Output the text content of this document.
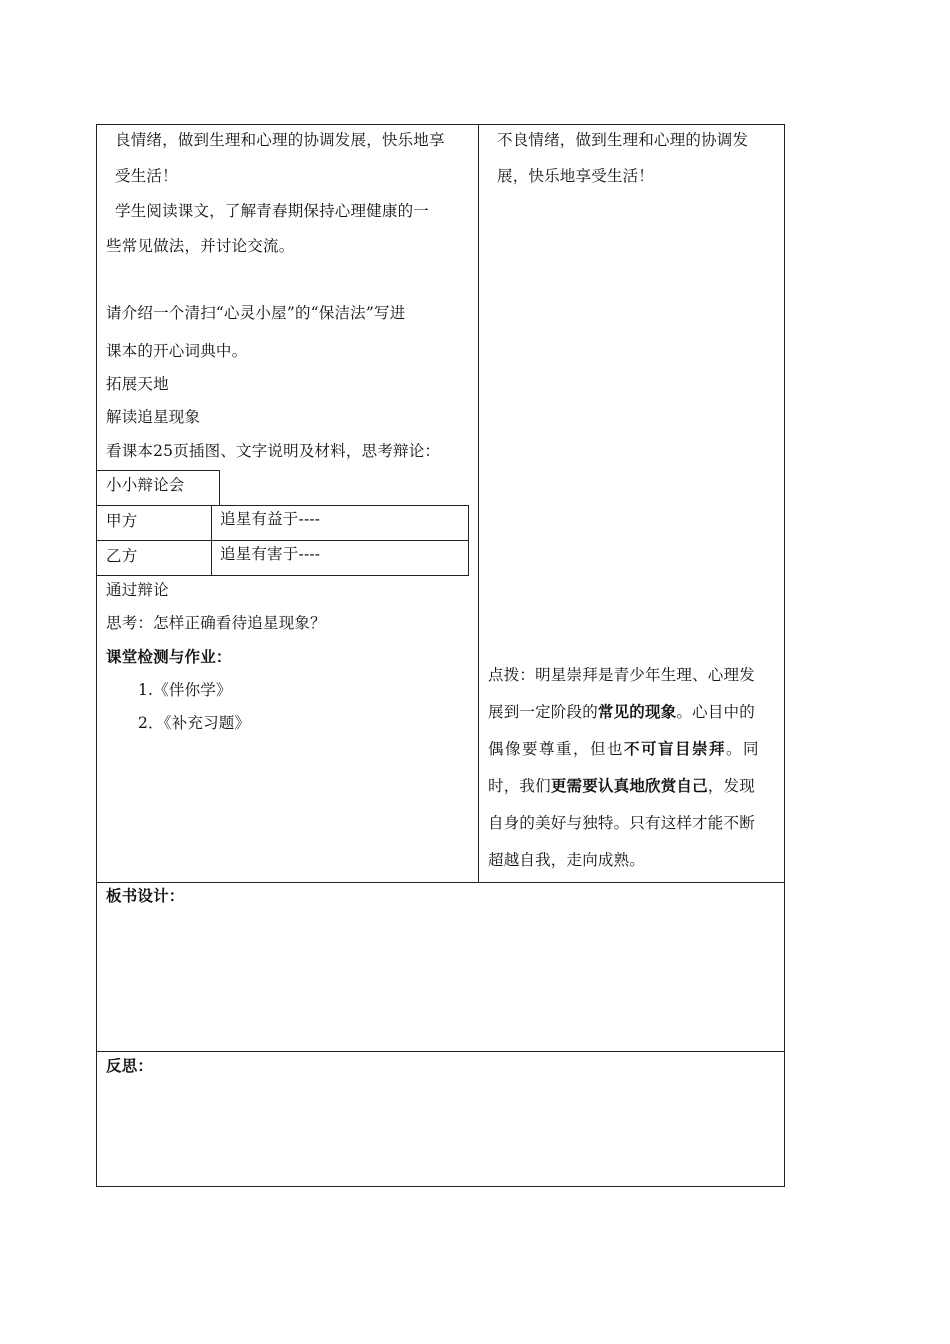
良情绪，做到生理和心理的协调发展，快乐地享
受生活！
学生阅读课文，了解青春期保持心理健康的一
些常见做法，并讨论交流。
请介绍一个清扫“心灵小屋”的“保洁法”写进
课本的开心词典中。
拓展天地
解读追星现象
看课本25页插图、文字说明及材料，思考辩论：
小小辩论会
甲方	追星有益于----
乙方	追星有害于----
通过辩论
思考：怎样正确看待追星现象？
课堂检测与作业：
1.《伴你学》
2．《补充习题》
不良情绪，做到生理和心理的协调发
展，快乐地享受生活！
点拨：明星崇拜是青少年生理、心理发
展到一定阶段的常见的现象。心目中的
偶像要尊重，但也不可盲目崇拜。同
时，我们更需要认真地欣赏自己，发现
自身的美好与独特。只有这样才能不断
超越自我，走向成熟。
板书设计：
反思：
